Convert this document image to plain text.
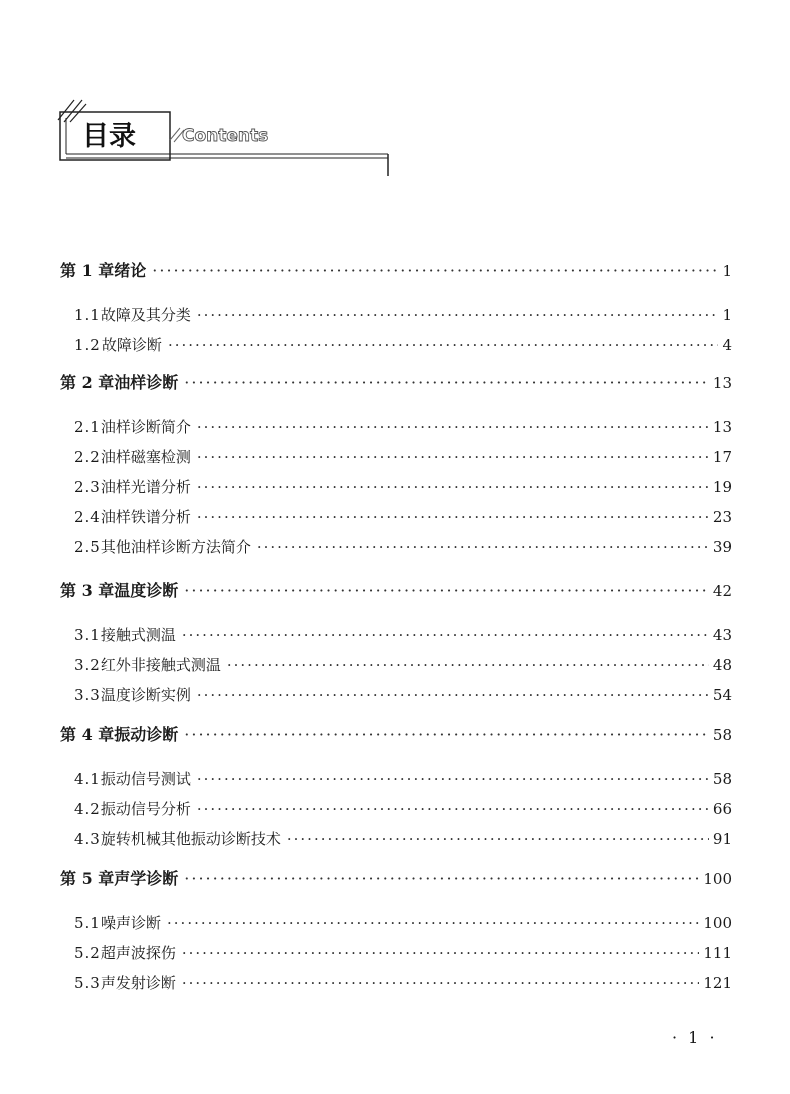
目录	Contents
第 1 章 绪论 ·····	1
1.1 故障及其分类 ·····	1
1.2 故障诊断 ·····	4
第 2 章 油样诊断 ·····	13
2.1 油样诊断简介 ·····	13
2.2 油样磁塞检测 ·····	17
2.3 油样光谱分析 ·····	19
2.4 油样铁谱分析 ·····	23
2.5 其他油样诊断方法简介 ·····	39
第 3 章 温度诊断 ·····	42
3.1 接触式测温 ·····	43
3.2 红外非接触式测温 ·····	48
3.3 温度诊断实例 ·····	54
第 4 章 振动诊断 ·····	58
4.1 振动信号测试 ·····	58
4.2 振动信号分析 ·····	66
4.3 旋转机械其他振动诊断技术 ·····	91
第 5 章 声学诊断 ·····	100
5.1 噪声诊断 ·····	100
5.2 超声波探伤 ·····	111
5.3 声发射诊断 ·····	121
· 1 ·
